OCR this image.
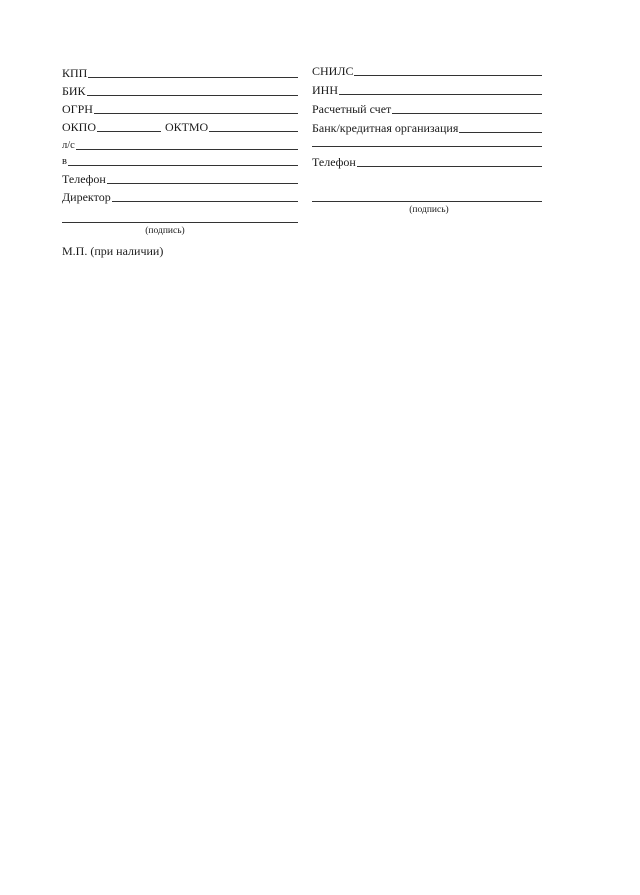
КПП
БИК
ОГРН
ОКПО	ОКТМО
л/с
в
Телефон
Директор
(подпись)
СНИЛС
ИНН
Расчетный счет
Банк/кредитная организация
Телефон
(подпись)
М.П. (при наличии)
